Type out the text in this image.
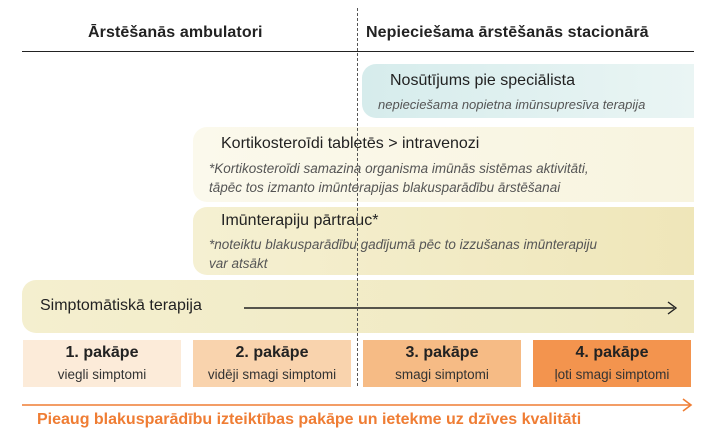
Ārstēšanās ambulatori	Nepieciešama ārstēšanās stacionārā
Nosūtījums pie speciālista
nepieciešama nopietna imūnsupresīva terapija
Kortikosteroīdi tabletēs > intravenozi
*Kortikosteroīdi samazina organisma imūnās sistēmas aktivitāti,
tāpēc tos izmanto imūnterapijas blakusparādību ārstēšanai
Imūnterapiju pārtrauc*
*noteiktu blakusparādību gadījumā pēc to izzušanas imūnterapiju
var atsākt
Simptomātiskā terapija
1. pakāpe
viegli simptomi
2. pakāpe
vidēji smagi simptomi
3. pakāpe
smagi simptomi
4. pakāpe
ļoti smagi simptomi
Pieaug blakusparādību izteiktības pakāpe un ietekme uz dzīves kvalitāti
